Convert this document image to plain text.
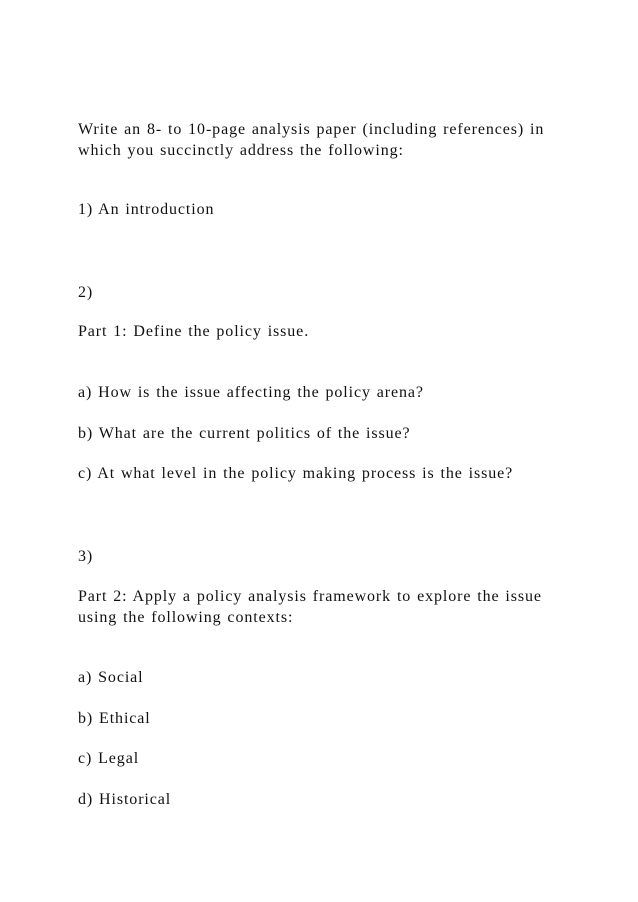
Write an 8- to 10-page analysis paper (including references) in
which you succinctly address the following:
1) An introduction
2)
Part 1: Define the policy issue.
a) How is the issue affecting the policy arena?
b) What are the current politics of the issue?
c) At what level in the policy making process is the issue?
3)
Part 2: Apply a policy analysis framework to explore the issue
using the following contexts:
a) Social
b) Ethical
c) Legal
d) Historical
